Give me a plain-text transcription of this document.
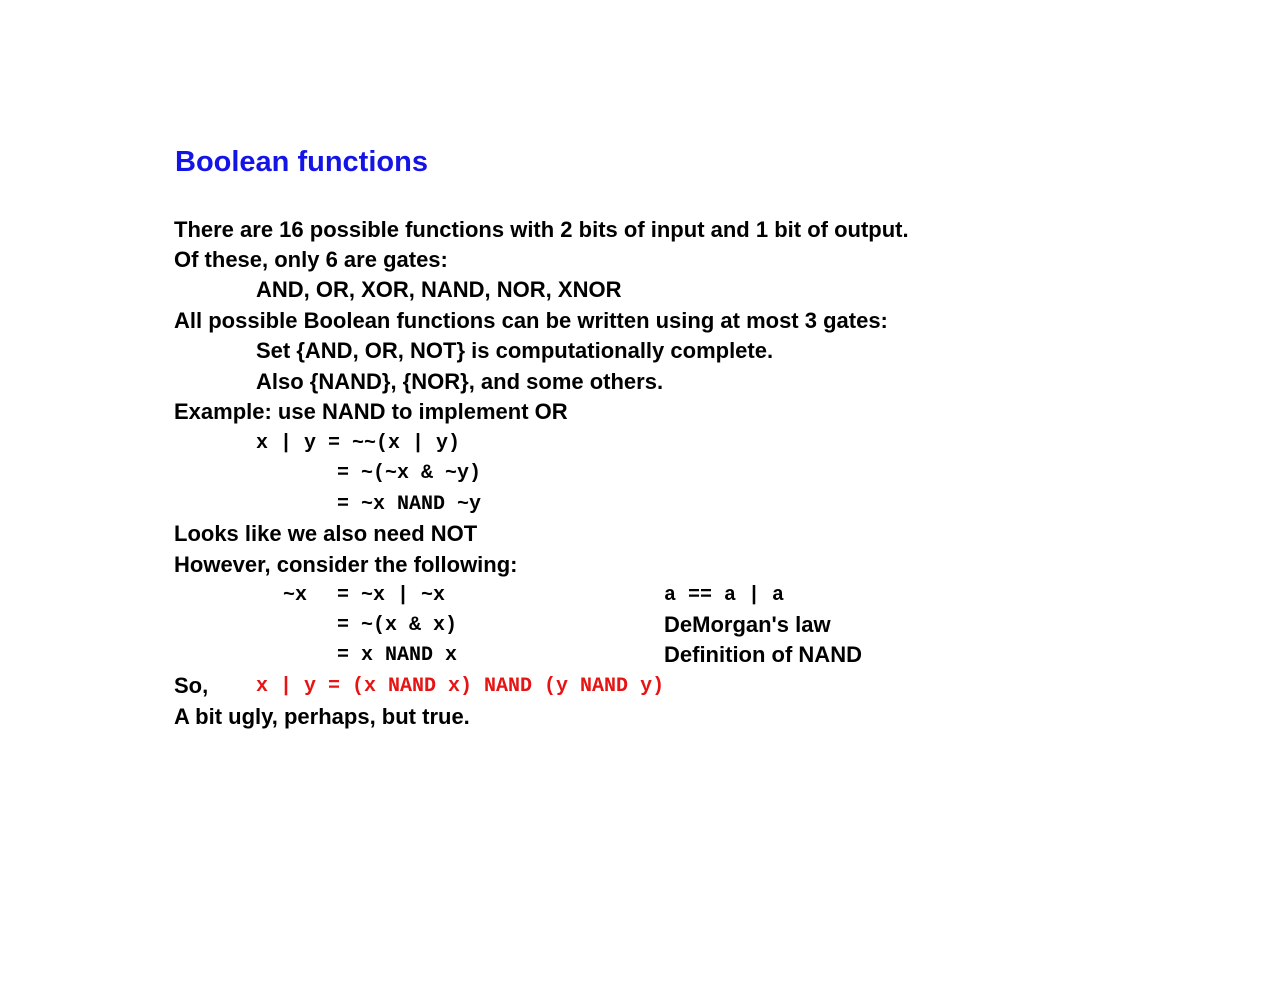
Boolean functions
There are 16 possible functions with 2 bits of input and 1 bit of output.
Of these, only 6 are gates:
AND, OR, XOR, NAND, NOR, XNOR
All possible Boolean functions can be written using at most 3 gates:
Set {AND, OR, NOT} is computationally complete.
Also {NAND}, {NOR}, and some others.
Example: use NAND to implement OR
x | y = ~~(x | y)
= ~(~x & ~y)
= ~x NAND ~y
Looks like we also need NOT
However, consider the following:
~x = ~x | ~x	a == a | a
= ~(x & x)	DeMorgan's law
= x NAND x	Definition of NAND
So, x | y = (x NAND x) NAND (y NAND y)
A bit ugly, perhaps, but true.
